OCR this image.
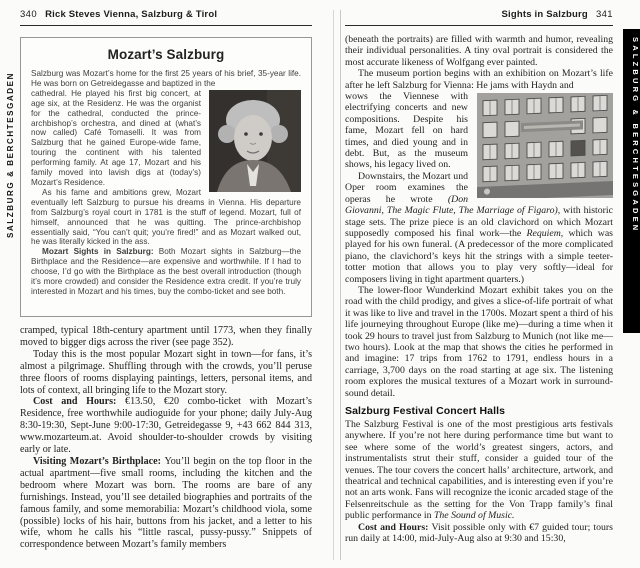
SALZBURG & BERCHTESGADEN	SALZBURG & BERCHTESGADEN
340 Rick Steves Vienna, Salzburg & Tirol
Mozart’s Salzburg

Salzburg was Mozart’s home for the first 25 years of his brief, 35-year life. He was born on Getreidegasse and baptized in the

cathedral. He played his first big concert, at age six, at the Residenz. He was the organist for the cathedral, conducted the prince-archbishop’s orchestra, and dined at (what’s now called) Café Tomaselli. It was from Salzburg that he gained Europe-wide fame, touring the continent with his talented performing family. At age 17, Mozart and his family moved into lavish digs at (today’s) Mozart’s Residence.

As his fame and ambitions grew, Mozart eventually left Salzburg to pursue his dreams in Vienna. His departure from Salzburg’s royal court in 1781 is the stuff of legend. Mozart, full of himself, announced that he was quitting. The prince-archbishop essentially said, “You can’t quit; you’re fired!” and as Mozart walked out, he was literally kicked in the ass.

Mozart Sights in Salzburg: Both Mozart sights in Salzburg—the Birthplace and the Residence—are expensive and worthwhile. If I had to choose, I’d go with the Birthplace as the best overall introduction (though it’s more crowded) and consider the Residence extra credit. If you’re truly interested in Mozart and his times, buy the combo-ticket and see both.

cramped, typical 18th-century apartment until 1773, when they finally moved to bigger digs across the river (see page 352).

Today this is the most popular Mozart sight in town—for fans, it’s almost a pilgrimage. Shuffling through with the crowds, you’ll peruse three floors of rooms displaying paintings, letters, personal items, and lots of context, all bringing life to the Mozart story.

Cost and Hours: €13.50, €20 combo-ticket with Mozart’s Residence, free worthwhile audioguide for your phone; daily July-Aug 8:30-19:30, Sept-June 9:00-17:30, Getreidegasse 9, +43 662 844 313, www.mozarteum.at. Avoid shoulder-to-shoulder crowds by visiting early or late.

Visiting Mozart’s Birthplace: You’ll begin on the top floor in the actual apartment—five small rooms, including the kitchen and the bedroom where Mozart was born. The rooms are bare of any furnishings. Instead, you’ll see detailed biographies and portraits of the famous family, and some memorabilia: Mozart’s childhood viola, some (possible) locks of his hair, buttons from his jacket, and a letter to his wife, whom he calls his “little rascal, pussy-pussy.” Snippets of correspondence between Mozart’s family members

Sights in Salzburg 341

(beneath the portraits) are filled with warmth and humor, revealing their individual personalities. A tiny oval portrait is considered the most accurate likeness of Wolfgang ever painted.

The museum portion begins with an exhibition on Mozart’s life after he left Salzburg for Vienna: He jams with Haydn and

wows the Viennese with electrifying concerts and new compositions. Despite his fame, Mozart fell on hard times, and died young and in debt. But, as the museum shows, his legacy lived on.

Downstairs, the Mozart und Oper room examines the operas he wrote (Don Giovanni, The Magic Flute, The Marriage of Figaro), with historic stage sets. The prize piece is an old clavichord on which Mozart supposedly composed his final work—the Requiem, which was played for his own funeral. (A predecessor of the more complicated piano, the clavichord’s keys hit the strings with a simple teeter-totter motion that allows you to play very softly—ideal for composers living in tight apartment quarters.)

The lower-floor Wunderkind Mozart exhibit takes you on the road with the child prodigy, and gives a slice-of-life portrait of what it was like to live and travel in the 1700s. Mozart spent a third of his life journeying throughout Europe (like me)—during a time when it took 29 hours to travel just from Salzburg to Munich (not like me—two hours). Look at the map that shows the cities he performed in and imagine: 17 trips from 1762 to 1791, endless hours in a carriage, 3,700 days on the road starting at age six. The listening room explores the musical textures of a Mozart work in surround-sound detail.

Salzburg Festival Concert Halls

The Salzburg Festival is one of the most prestigious arts festivals anywhere. If you’re not here during performance time but want to see where some of the world’s greatest singers, actors, and instrumentalists strut their stuff, consider a guided tour of the venues. The tour covers the concert halls’ architecture, artwork, and theatrical and technical capabilities, and is interesting even if you’re not an arts wonk. Fans will recognize the iconic arcaded stage of the Felsenreitschule as the setting for the Von Trapp family’s final public performance in The Sound of Music.

Cost and Hours: Visit possible only with €7 guided tour; tours run daily at 14:00, mid-July-Aug also at 9:30 and 15:30,
